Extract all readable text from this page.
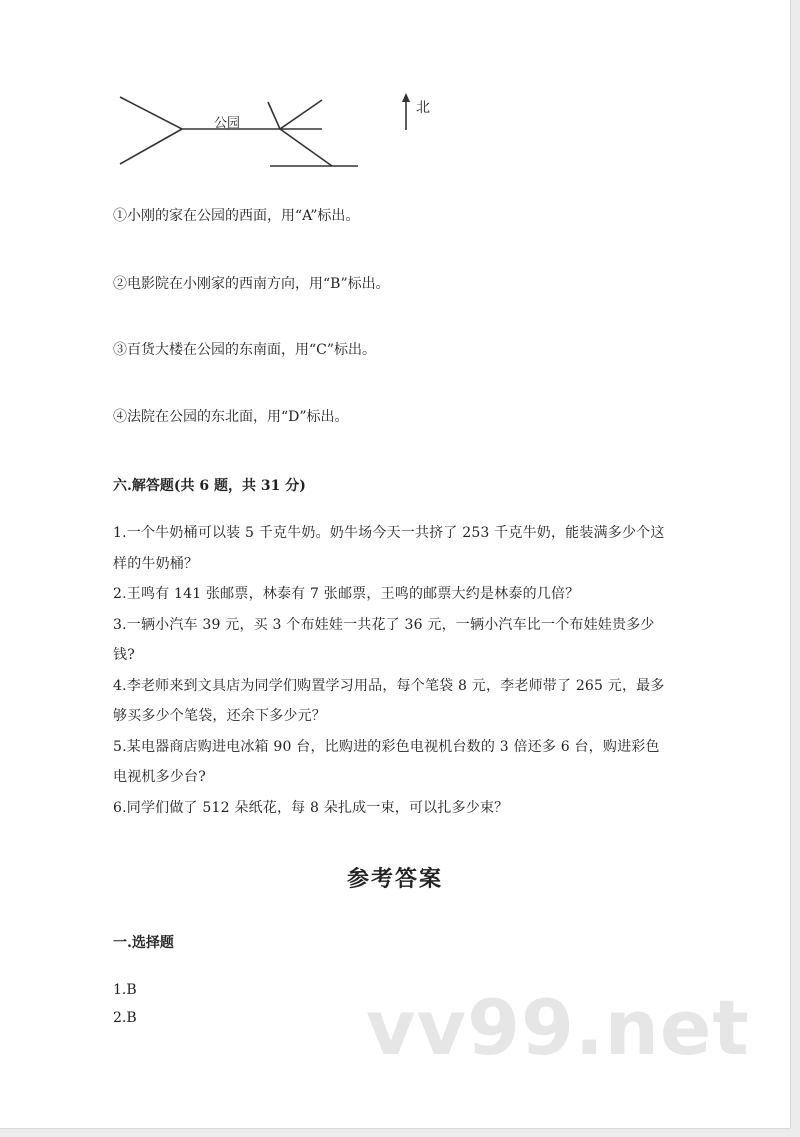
公园
北

①小刚的家在公园的西面，用“A”标出。

②电影院在小刚家的西南方向，用“B”标出。

③百货大楼在公园的东南面，用“C”标出。

④法院在公园的东北面，用“D”标出。

六.解答题(共 6 题，共 31 分)

1.一个牛奶桶可以装 5 千克牛奶。奶牛场今天一共挤了 253 千克牛奶，能装满多少个这样的牛奶桶？
2.王鸣有 141 张邮票，林泰有 7 张邮票，王鸣的邮票大约是林泰的几倍？
3.一辆小汽车 39 元，买 3 个布娃娃一共花了 36 元，一辆小汽车比一个布娃娃贵多少钱?
4.李老师来到文具店为同学们购置学习用品，每个笔袋 8 元，李老师带了 265 元，最多够买多少个笔袋，还余下多少元？
5.某电器商店购进电冰箱 90 台，比购进的彩色电视机台数的 3 倍还多 6 台，购进彩色电视机多少台?
6.同学们做了 512 朵纸花，每 8 朵扎成一束，可以扎多少束？
参考答案

一.选择题

1.B

2.B	vv99.net
